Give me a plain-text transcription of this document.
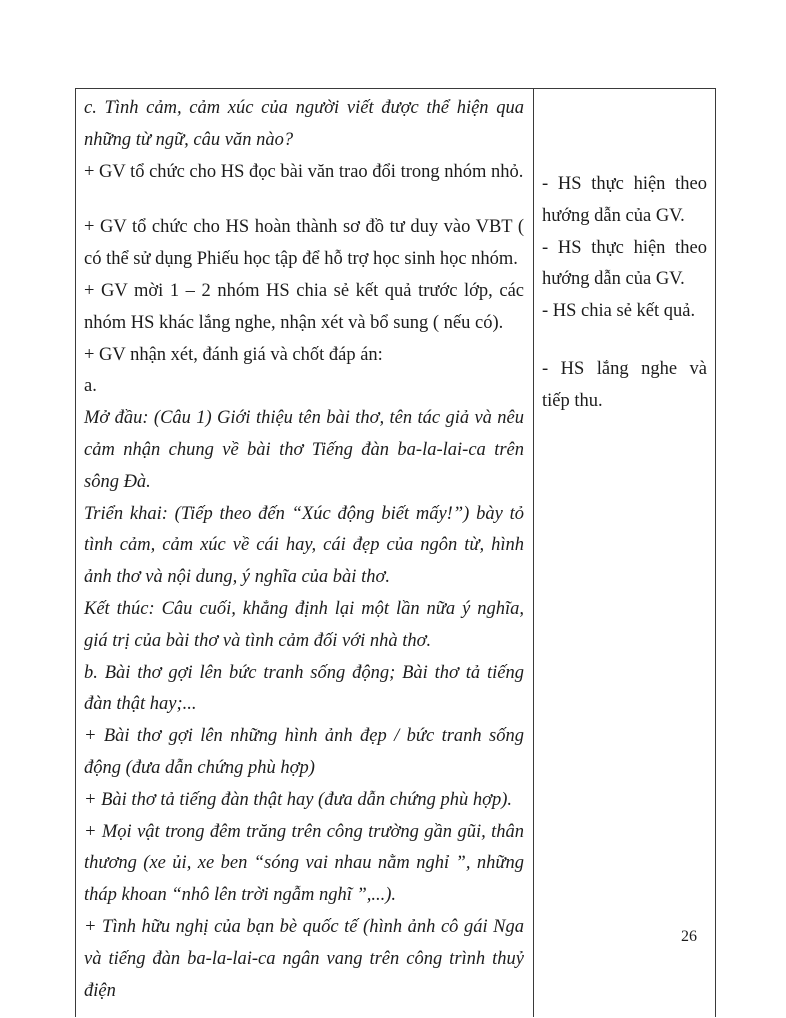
c. Tình cảm, cảm xúc của người viết được thể hiện qua những từ ngữ, câu văn nào?

+ GV tổ chức cho HS đọc bài văn trao đổi trong nhóm nhỏ.

+ GV tổ chức cho HS hoàn thành sơ đồ tư duy vào VBT ( có thể sử dụng Phiếu học tập để hỗ trợ học sinh học nhóm.

+ GV mời 1 – 2 nhóm HS chia sẻ kết quả trước lớp, các nhóm HS khác lắng nghe, nhận xét và bổ sung ( nếu có).

+ GV nhận xét, đánh giá và chốt đáp án:

a.

Mở đầu: (Câu 1) Giới thiệu tên bài thơ, tên tác giả và nêu cảm nhận chung về bài thơ Tiếng đàn ba-la-lai-ca trên sông Đà.

Triển khai: (Tiếp theo đến “Xúc động biết mấy!”) bày tỏ tình cảm, cảm xúc về cái hay, cái đẹp của ngôn từ, hình ảnh thơ và nội dung, ý nghĩa của bài thơ.

Kết thúc: Câu cuối, khẳng định lại một lần nữa ý nghĩa, giá trị của bài thơ và tình cảm đối với nhà thơ.

b. Bài thơ gợi lên bức tranh sống động; Bài thơ tả tiếng đàn thật hay;...

+ Bài thơ gợi lên những hình ảnh đẹp / bức tranh sống động (đưa dẫn chứng phù hợp)

+ Bài thơ tả tiếng đàn thật hay (đưa dẫn chứng phù hợp).

+ Mọi vật trong đêm trăng trên công trường gần gũi, thân thương (xe ủi, xe ben “sóng vai nhau nằm nghỉ ”, những tháp khoan “nhô lên trời ngẫm nghĩ ”,...).

+ Tình hữu nghị của bạn bè quốc tế (hình ảnh cô gái Nga và tiếng đàn ba-la-lai-ca ngân vang trên công trình thuỷ điện

- HS thực hiện theo hướng dẫn của GV.

- HS thực hiện theo hướng dẫn của GV.

- HS chia sẻ kết quả.

- HS lắng nghe và tiếp thu.

26
